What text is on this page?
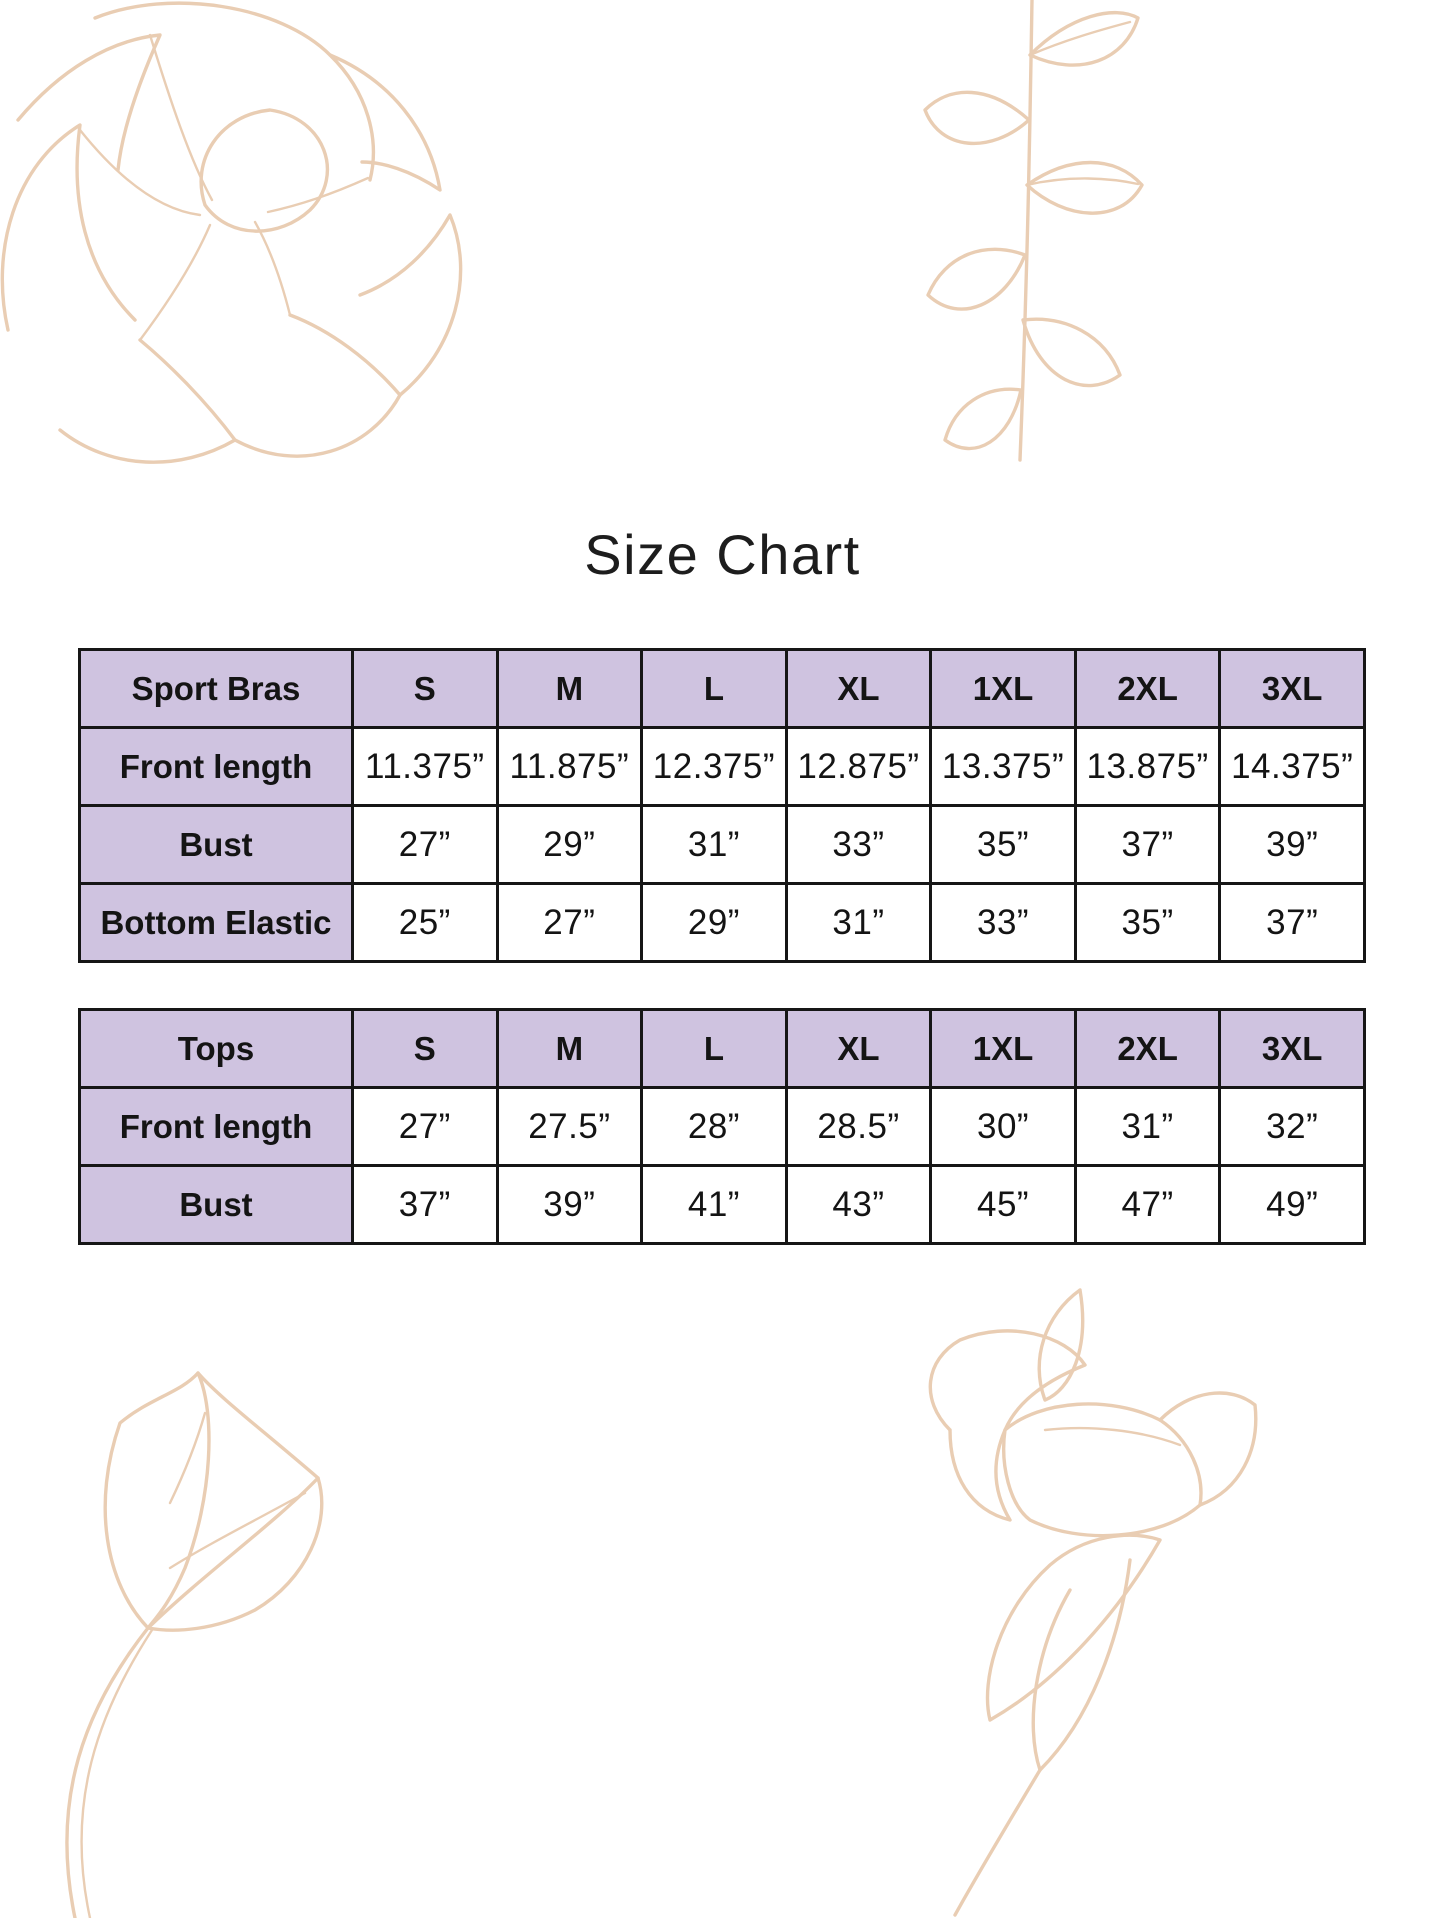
Size Chart
Sport Bras	S	M	L	XL	1XL	2XL	3XL
Front length	11.375”	11.875”	12.375”	12.875”	13.375”	13.875”	14.375”
Bust	27”	29”	31”	33”	35”	37”	39”
Bottom Elastic	25”	27”	29”	31”	33”	35”	37”
Tops	S	M	L	XL	1XL	2XL	3XL
Front length	27”	27.5”	28”	28.5”	30”	31”	32”
Bust	37”	39”	41”	43”	45”	47”	49”
